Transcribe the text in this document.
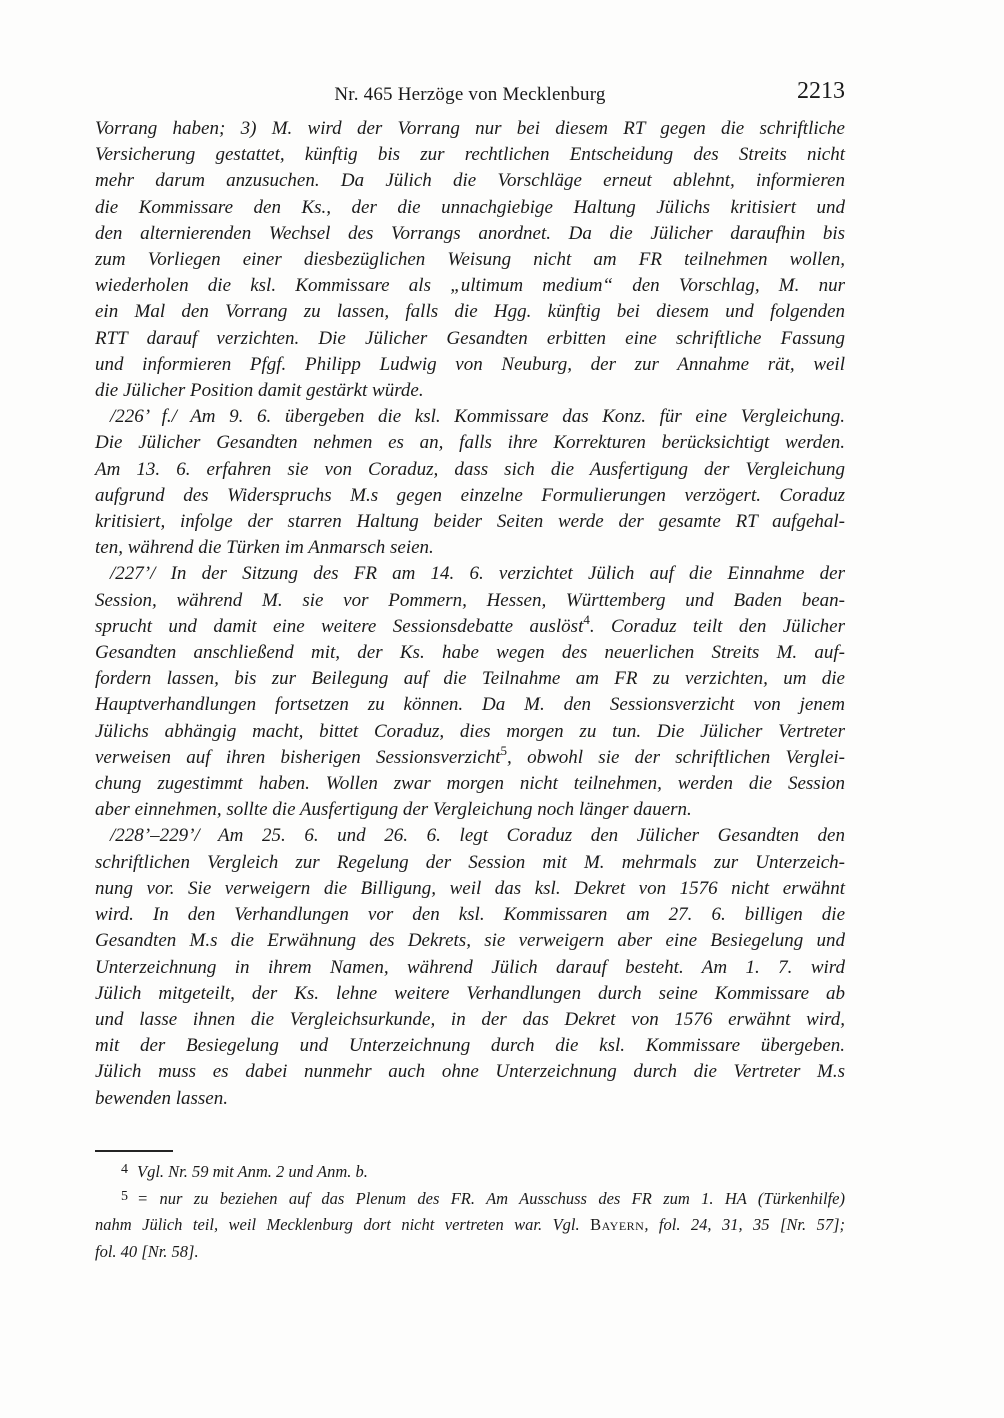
Nr. 465 Herzöge von Mecklenburg	2213
Vorrang haben; 3) M. wird der Vorrang nur bei diesem RT gegen die schriftliche
Versicherung gestattet, künftig bis zur rechtlichen Entscheidung des Streits nicht
mehr darum anzusuchen. Da Jülich die Vorschläge erneut ablehnt, informieren
die Kommissare den Ks., der die unnachgiebige Haltung Jülichs kritisiert und
den alternierenden Wechsel des Vorrangs anordnet. Da die Jülicher daraufhin bis
zum Vorliegen einer diesbezüglichen Weisung nicht am FR teilnehmen wollen,
wiederholen die ksl. Kommissare als „ultimum medium“ den Vorschlag, M. nur
ein Mal den Vorrang zu lassen, falls die Hgg. künftig bei diesem und folgenden
RTT darauf verzichten. Die Jülicher Gesandten erbitten eine schriftliche Fassung
und informieren Pfgf. Philipp Ludwig von Neuburg, der zur Annahme rät, weil
die Jülicher Position damit gestärkt würde.
/226’ f./ Am 9. 6. übergeben die ksl. Kommissare das Konz. für eine Vergleichung.
Die Jülicher Gesandten nehmen es an, falls ihre Korrekturen berücksichtigt werden.
Am 13. 6. erfahren sie von Coraduz, dass sich die Ausfertigung der Vergleichung
aufgrund des Widerspruchs M.s gegen einzelne Formulierungen verzögert. Coraduz
kritisiert, infolge der starren Haltung beider Seiten werde der gesamte RT aufgehal-
ten, während die Türken im Anmarsch seien.
/227’/ In der Sitzung des FR am 14. 6. verzichtet Jülich auf die Einnahme der
Session, während M. sie vor Pommern, Hessen, Württemberg und Baden bean-
sprucht und damit eine weitere Sessionsdebatte auslöst$^4$. Coraduz teilt den Jülicher
Gesandten anschließend mit, der Ks. habe wegen des neuerlichen Streits M. auf-
fordern lassen, bis zur Beilegung auf die Teilnahme am FR zu verzichten, um die
Hauptverhandlungen fortsetzen zu können. Da M. den Sessionsverzicht von jenem
Jülichs abhängig macht, bittet Coraduz, dies morgen zu tun. Die Jülicher Vertreter
verweisen auf ihren bisherigen Sessionsverzicht$^5$, obwohl sie der schriftlichen Verglei-
chung zugestimmt haben. Wollen zwar morgen nicht teilnehmen, werden die Session
aber einnehmen, sollte die Ausfertigung der Vergleichung noch länger dauern.
/228’–229’/ Am 25. 6. und 26. 6. legt Coraduz den Jülicher Gesandten den
schriftlichen Vergleich zur Regelung der Session mit M. mehrmals zur Unterzeich-
nung vor. Sie verweigern die Billigung, weil das ksl. Dekret von 1576 nicht erwähnt
wird. In den Verhandlungen vor den ksl. Kommissaren am 27. 6. billigen die
Gesandten M.s die Erwähnung des Dekrets, sie verweigern aber eine Besiegelung und
Unterzeichnung in ihrem Namen, während Jülich darauf besteht. Am 1. 7. wird
Jülich mitgeteilt, der Ks. lehne weitere Verhandlungen durch seine Kommissare ab
und lasse ihnen die Vergleichsurkunde, in der das Dekret von 1576 erwähnt wird,
mit der Besiegelung und Unterzeichnung durch die ksl. Kommissare übergeben.
Jülich muss es dabei nunmehr auch ohne Unterzeichnung durch die Vertreter M.s
bewenden lassen.
$^4$ Vgl. Nr. 59 mit Anm. 2 und Anm. b.
$^5$ = nur zu beziehen auf das Plenum des FR. Am Ausschuss des FR zum 1. HA (Türkenhilfe)
nahm Jülich teil, weil Mecklenburg dort nicht vertreten war. Vgl. Bayern, fol. 24, 31, 35 [Nr. 57];
fol. 40 [Nr. 58].
